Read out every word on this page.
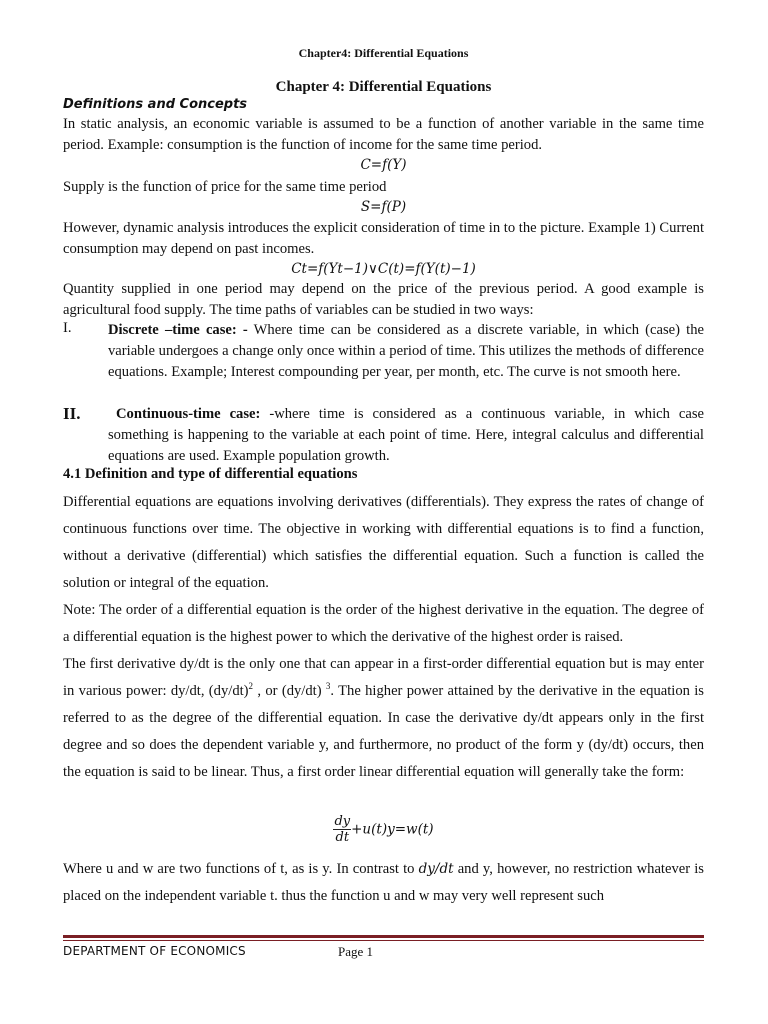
Chapter4: Differential Equations
Chapter 4: Differential Equations
Definitions and Concepts
In static analysis, an economic variable is assumed to be a function of another variable in the same time period. Example: consumption is the function of income for the same time period.
C=f(Y)
Supply is the function of price for the same time period
S=f(P)
However, dynamic analysis introduces the explicit consideration of time in to the picture. Example 1) Current consumption may depend on past incomes.
Ct=f(Yt−1)∨C(t)=f(Y(t)−1)
Quantity supplied in one period may depend on the price of the previous period. A good example is agricultural food supply. The time paths of variables can be studied in two ways:
I. Discrete –time case: - Where time can be considered as a discrete variable, in which (case) the variable undergoes a change only once within a period of time. This utilizes the methods of difference equations. Example; Interest compounding per year, per month, etc. The curve is not smooth here.
II.	Continuous-time case: -where time is considered as a continuous variable, in which case something is happening to the variable at each point of time. Here, integral calculus and differential equations are used. Example population growth.
4.1 Definition and type of differential equations
Differential equations are equations involving derivatives (differentials). They express the rates of change of continuous functions over time. The objective in working with differential equations is to find a function, without a derivative (differential) which satisfies the differential equation. Such a function is called the solution or integral of the equation.
Note: The order of a differential equation is the order of the highest derivative in the equation. The degree of a differential equation is the highest power to which the derivative of the highest order is raised.
The first derivative dy/dt is the only one that can appear in a first-order differential equation but is may enter in various power: dy/dt, $(dy/dt)^2$ , or (dy/dt) $^3$. The higher power attained by the derivative in the equation is referred to as the degree of the differential equation. In case the derivative dy/dt appears only in the first degree and so does the dependent variable y, and furthermore, no product of the form y (dy/dt) occurs, then the equation is said to be linear. Thus, a first order linear differential equation will generally take the form:
$\frac{dy}{dt} +u(t)y=w(t)$
Where u and w are two functions of t, as is y. In contrast to dy/dt and y, however, no restriction whatever is placed on the independent variable t. thus the function u and w may very well represent such
DEPARTMENT OF ECONOMICS	Page 1
